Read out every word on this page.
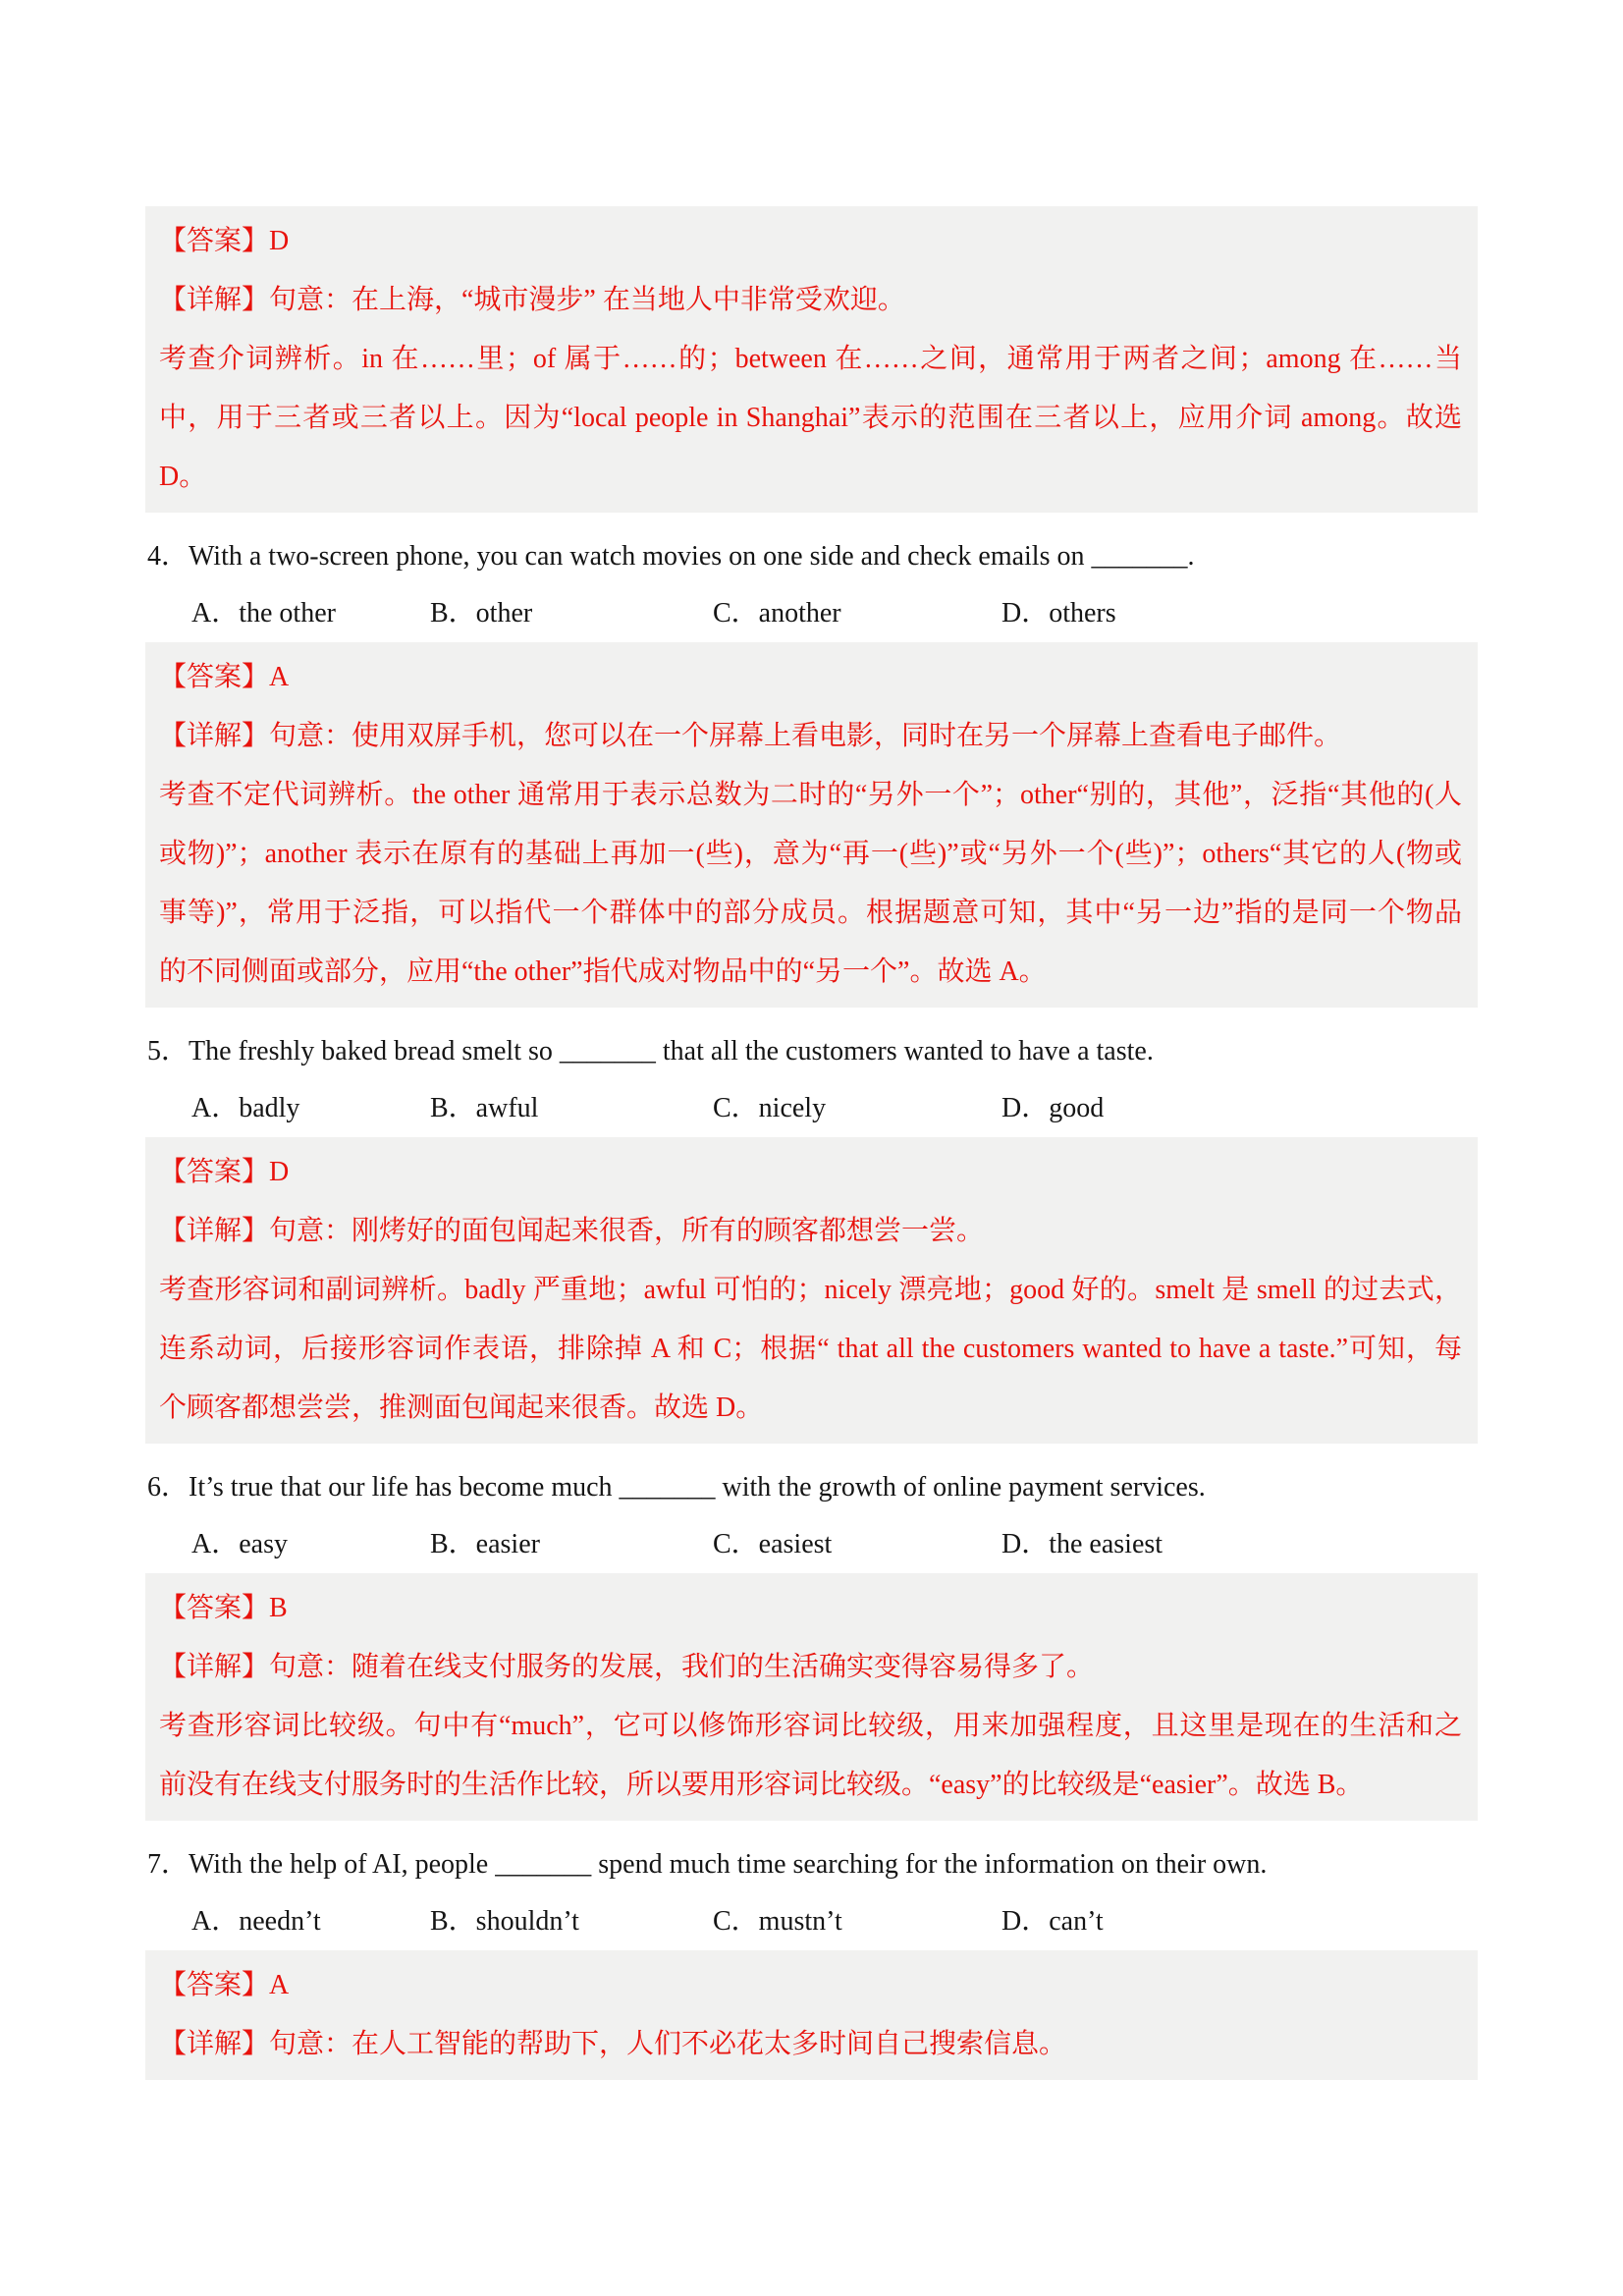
【答案】D
【详解】句意：在上海，“城市漫步” 在当地人中非常受欢迎。
考查介词辨析。in 在……里；of 属于……的；between 在……之间，通常用于两者之间；among 在……当
中，用于三者或三者以上。因为“local people in Shanghai”表示的范围在三者以上，应用介词 among。故选
D。
4．With a two-screen phone, you can watch movies on one side and check emails on _______.
A．the other	B．other	C．another	D．others
【答案】A
【详解】句意：使用双屏手机，您可以在一个屏幕上看电影，同时在另一个屏幕上查看电子邮件。
考查不定代词辨析。the other 通常用于表示总数为二时的“另外一个”；other“别的，其他”，泛指“其他的(人
或物)”；another 表示在原有的基础上再加一(些)，意为“再一(些)”或“另外一个(些)”；others“其它的人(物或
事等)”，常用于泛指，可以指代一个群体中的部分成员。根据题意可知，其中“另一边”指的是同一个物品
的不同侧面或部分，应用“the other”指代成对物品中的“另一个”。故选 A。
5．The freshly baked bread smelt so _______ that all the customers wanted to have a taste.
A．badly	B．awful	C．nicely	D．good
【答案】D
【详解】句意：刚烤好的面包闻起来很香，所有的顾客都想尝一尝。
考查形容词和副词辨析。badly 严重地；awful 可怕的；nicely 漂亮地；good 好的。smelt 是 smell 的过去式，
连系动词，后接形容词作表语，排除掉 A 和 C；根据“ that all the customers wanted to have a taste.”可知，每
个顾客都想尝尝，推测面包闻起来很香。故选 D。
6．It’s true that our life has become much _______ with the growth of online payment services.
A．easy	B．easier	C．easiest	D．the easiest
【答案】B
【详解】句意：随着在线支付服务的发展，我们的生活确实变得容易得多了。
考查形容词比较级。句中有“much”，它可以修饰形容词比较级，用来加强程度，且这里是现在的生活和之
前没有在线支付服务时的生活作比较，所以要用形容词比较级。“easy”的比较级是“easier”。故选 B。
7．With the help of AI, people _______ spend much time searching for the information on their own.
A．needn’t	B．shouldn’t	C．mustn’t	D．can’t
【答案】A
【详解】句意：在人工智能的帮助下，人们不必花太多时间自己搜索信息。
